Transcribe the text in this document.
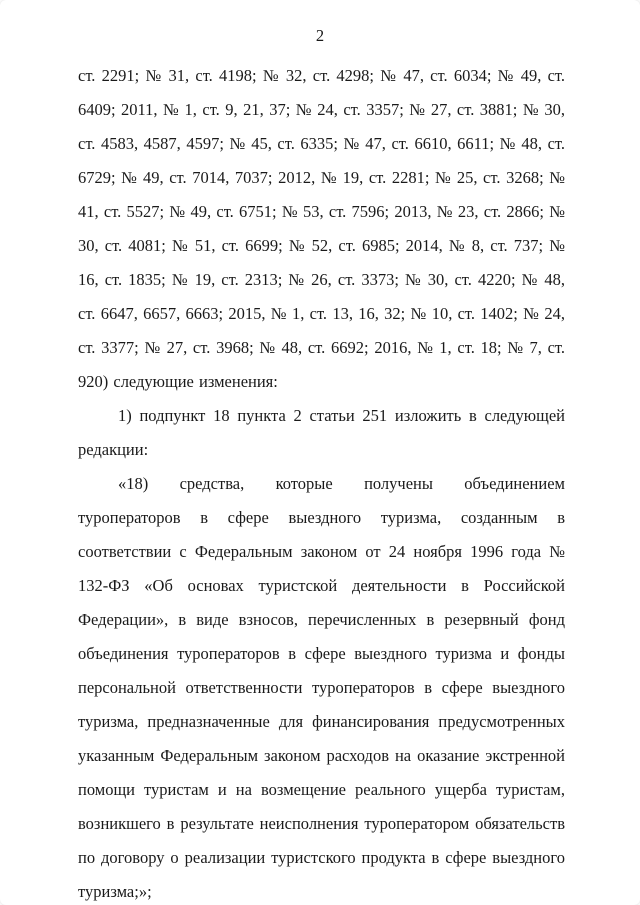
2

ст. 2291; № 31, ст. 4198; № 32, ст. 4298; № 47, ст. 6034; № 49, ст. 6409; 2011, № 1, ст. 9, 21, 37; № 24, ст. 3357; № 27, ст. 3881; № 30, ст. 4583, 4587, 4597; № 45, ст. 6335; № 47, ст. 6610, 6611; № 48, ст. 6729; № 49, ст. 7014, 7037; 2012, № 19, ст. 2281; № 25, ст. 3268; № 41, ст. 5527; № 49, ст. 6751; № 53, ст. 7596; 2013, № 23, ст. 2866; № 30, ст. 4081; № 51, ст. 6699; № 52, ст. 6985; 2014, № 8, ст. 737; № 16, ст. 1835; № 19, ст. 2313; № 26, ст. 3373; № 30, ст. 4220; № 48, ст. 6647, 6657, 6663; 2015, № 1, ст. 13, 16, 32; № 10, ст. 1402; № 24, ст. 3377; № 27, ст. 3968; № 48, ст. 6692; 2016, № 1, ст. 18; № 7, ст. 920) следующие изменения:

1) подпункт 18 пункта 2 статьи 251 изложить в следующей редакции:

«18) средства, которые получены объединением туроператоров в сфере выездного туризма, созданным в соответствии с Федеральным законом от 24 ноября 1996 года № 132-ФЗ «Об основах туристской деятельности в Российской Федерации», в виде взносов, перечисленных в резервный фонд объединения туроператоров в сфере выездного туризма и фонды персональной ответственности туроператоров в сфере выездного туризма, предназначенные для финансирования предусмотренных указанным Федеральным законом расходов на оказание экстренной помощи туристам и на возмещение реального ущерба туристам, возникшего в результате неисполнения туроператором обязательств по договору о реализации туристского продукта в сфере выездного туризма;»;
